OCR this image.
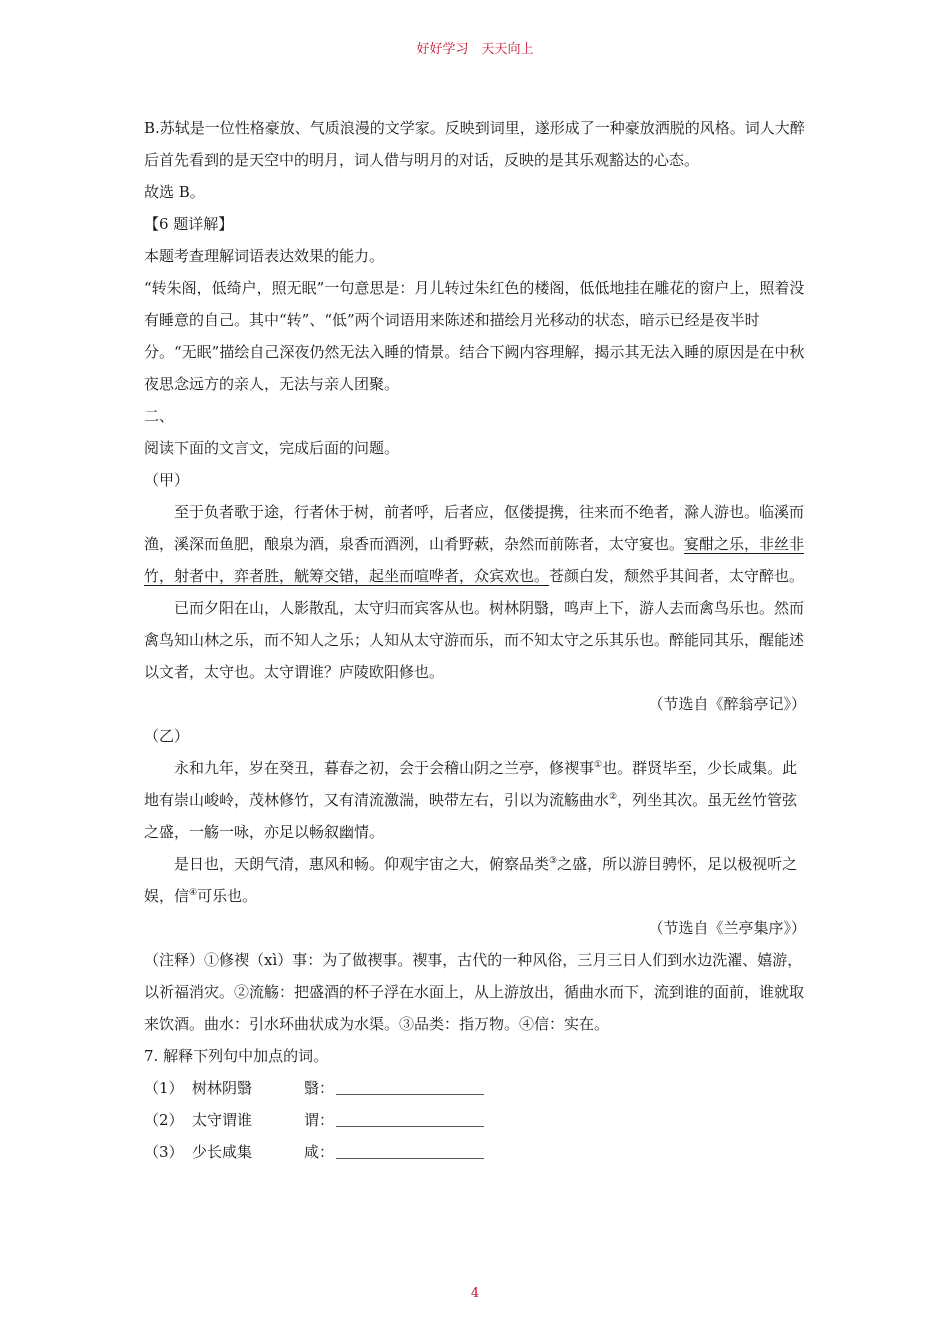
好好学习　天天向上

B.苏轼是一位性格豪放、气质浪漫的文学家。反映到词里，遂形成了一种豪放洒脱的风格。词人大醉后首先看到的是天空中的明月，词人借与明月的对话，反映的是其乐观豁达的心态。

故选 B。

【6 题详解】

本题考查理解词语表达效果的能力。

“转朱阁，低绮户，照无眠”一句意思是：月儿转过朱红色的楼阁，低低地挂在雕花的窗户上，照着没有睡意的自己。其中“转”、“低”两个词语用来陈述和描绘月光移动的状态，暗示已经是夜半时分。“无眠”描绘自己深夜仍然无法入睡的情景。结合下阙内容理解，揭示其无法入睡的原因是在中秋夜思念远方的亲人，无法与亲人团聚。

二、

阅读下面的文言文，完成后面的问题。

（甲）

至于负者歌于途，行者休于树，前者呼，后者应，伛偻提携，往来而不绝者，滁人游也。临溪而渔，溪深而鱼肥，酿泉为酒，泉香而酒洌，山肴野蔌，杂然而前陈者，太守宴也。宴酣之乐，非丝非竹，射者中，弈者胜，觥筹交错，起坐而喧哗者，众宾欢也。苍颜白发，颓然乎其间者，太守醉也。

已而夕阳在山，人影散乱，太守归而宾客从也。树林阴翳，鸣声上下，游人去而禽鸟乐也。然而禽鸟知山林之乐，而不知人之乐；人知从太守游而乐，而不知太守之乐其乐也。醉能同其乐，醒能述以文者，太守也。太守谓谁？庐陵欧阳修也。

（节选自《醉翁亭记》）

（乙）

永和九年，岁在癸丑，暮春之初，会于会稽山阴之兰亭，修禊事①也。群贤毕至，少长咸集。此地有崇山峻岭，茂林修竹，又有清流激湍，映带左右，引以为流觞曲水②，列坐其次。虽无丝竹管弦之盛，一觞一咏，亦足以畅叙幽情。

是日也，天朗气清，惠风和畅。仰观宇宙之大，俯察品类③之盛，所以游目骋怀，足以极视听之娱，信④可乐也。

（节选自《兰亭集序》）

（注释）①修禊（xì）事：为了做禊事。禊事，古代的一种风俗，三月三日人们到水边洗濯、嬉游，以祈福消灾。②流觞：把盛酒的杯子浮在水面上，从上游放出，循曲水而下，流到谁的面前，谁就取来饮酒。曲水：引水环曲状成为水渠。③品类：指万物。④信：实在。

7. 解释下列句中加点的词。

（1） 树林阴翳	翳：
（2） 太守谓谁	谓：
（3） 少长咸集	咸：
4
